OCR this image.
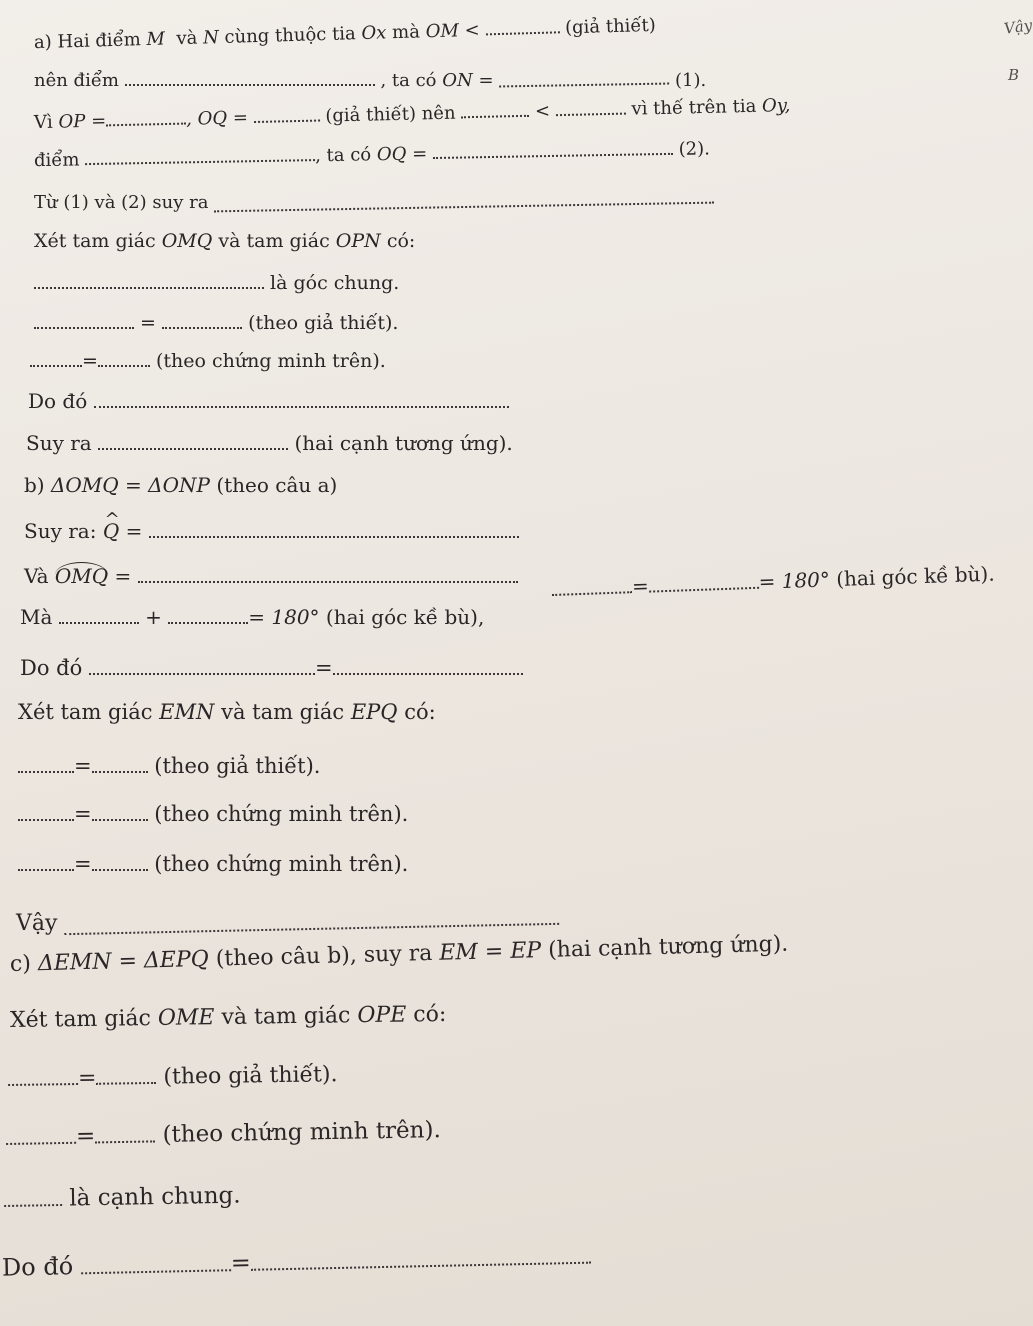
Vậy
B
a) Hai điểm M và N cùng thuộc tia Ox mà OM <	(giả thiết)
nên điểm	, ta có ON =	(1).
Vì OP =	, OQ =	(giả thiết) nên	<	vì thế trên tia Oy,
điểm	, ta có OQ =	(2).
Từ (1) và (2) suy ra
Xét tam giác OMQ và tam giác OPN có:
là góc chung.
=	(theo giả thiết).
=	(theo chứng minh trên).
Do đó
Suy ra	(hai cạnh tương ứng).
b) ΔOMQ = ΔONP (theo câu a)
Suy ra: ^ Q =
Và OMQ =
Mà	+	= 180° (hai góc kề bù),
=	= 180° (hai góc kề bù).
Do đó	=
Xét tam giác EMN và tam giác EPQ có:
=	(theo giả thiết).
=	(theo chứng minh trên).
=	(theo chứng minh trên).
Vậy
c) ΔEMN = ΔEPQ (theo câu b), suy ra EM = EP (hai cạnh tương ứng).
Xét tam giác OME và tam giác OPE có:
=	(theo giả thiết).
=	(theo chứng minh trên).
là cạnh chung.
Do đó	=
